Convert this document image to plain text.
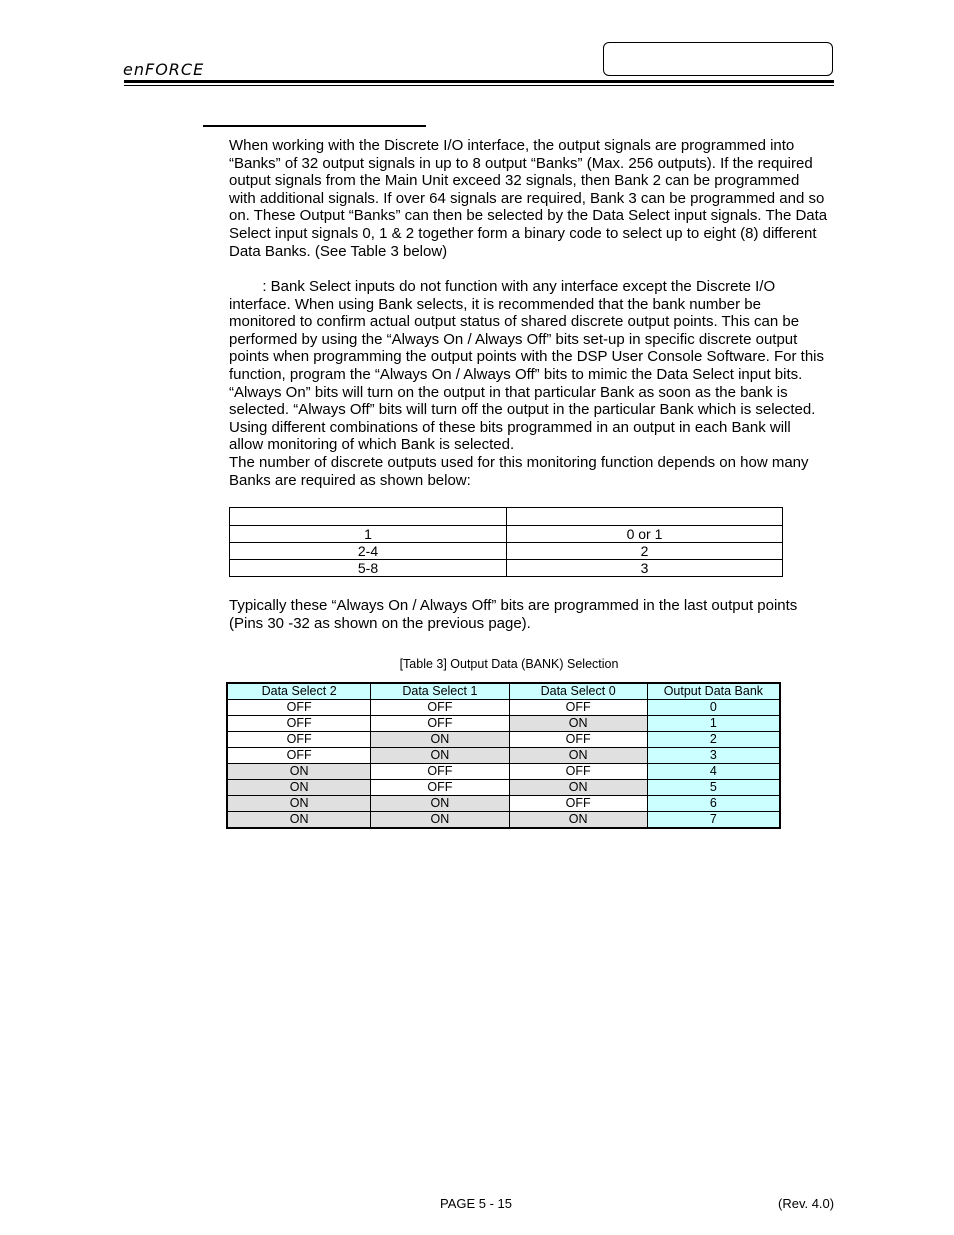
enFORCE
When working with the Discrete I/O interface, the output signals are programmed into “Banks” of 32 output signals in up to 8 output “Banks” (Max. 256 outputs). If the required output signals from the Main Unit exceed 32 signals, then Bank 2 can be programmed with additional signals. If over 64 signals are required, Bank 3 can be programmed and so on. These Output “Banks” can then be selected by the Data Select input signals. The Data Select input signals 0, 1 & 2 together form a binary code to select up to eight (8) different Data Banks. (See Table 3 below)
: Bank Select inputs do not function with any interface except the Discrete I/O interface. When using Bank selects, it is recommended that the bank number be monitored to confirm actual output status of shared discrete output points. This can be performed by using the “Always On / Always Off” bits set-up in specific discrete output points when programming the output points with the DSP User Console Software. For this function, program the “Always On / Always Off” bits to mimic the Data Select input bits. “Always On” bits will turn on the output in that particular Bank as soon as the bank is selected. “Always Off” bits will turn off the output in the particular Bank which is selected. Using different combinations of these bits programmed in an output in each Bank will allow monitoring of which Bank is selected.
The number of discrete outputs used for this monitoring function depends on how many Banks are required as shown below:

1	0 or 1
2-4	2
5-8	3
Typically these “Always On / Always Off” bits are programmed in the last output points (Pins 30 -32 as shown on the previous page).
[Table 3] Output Data (BANK) Selection
Data Select 2	Data Select 1	Data Select 0	Output Data Bank
OFF	OFF	OFF	0
OFF	OFF	ON	1
OFF	ON	OFF	2
OFF	ON	ON	3
ON	OFF	OFF	4
ON	OFF	ON	5
ON	ON	OFF	6
ON	ON	ON	7
PAGE 5 - 15	(Rev. 4.0)
